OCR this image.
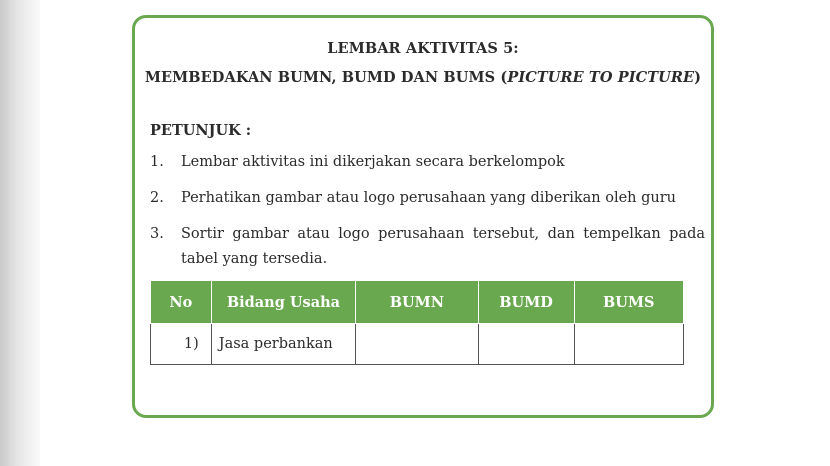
LEMBAR AKTIVITAS 5:
MEMBEDAKAN BUMN, BUMD DAN BUMS (PICTURE TO PICTURE)
PETUNJUK :
1.	Lembar aktivitas ini dikerjakan secara berkelompok
2.	Perhatikan gambar atau logo perusahaan yang diberikan oleh guru
3.	Sortir gambar atau logo perusahaan tersebut, dan tempelkan pada tabel yang tersedia.
No	Bidang Usaha	BUMN	BUMD	BUMS
1)	Jasa perbankan			
